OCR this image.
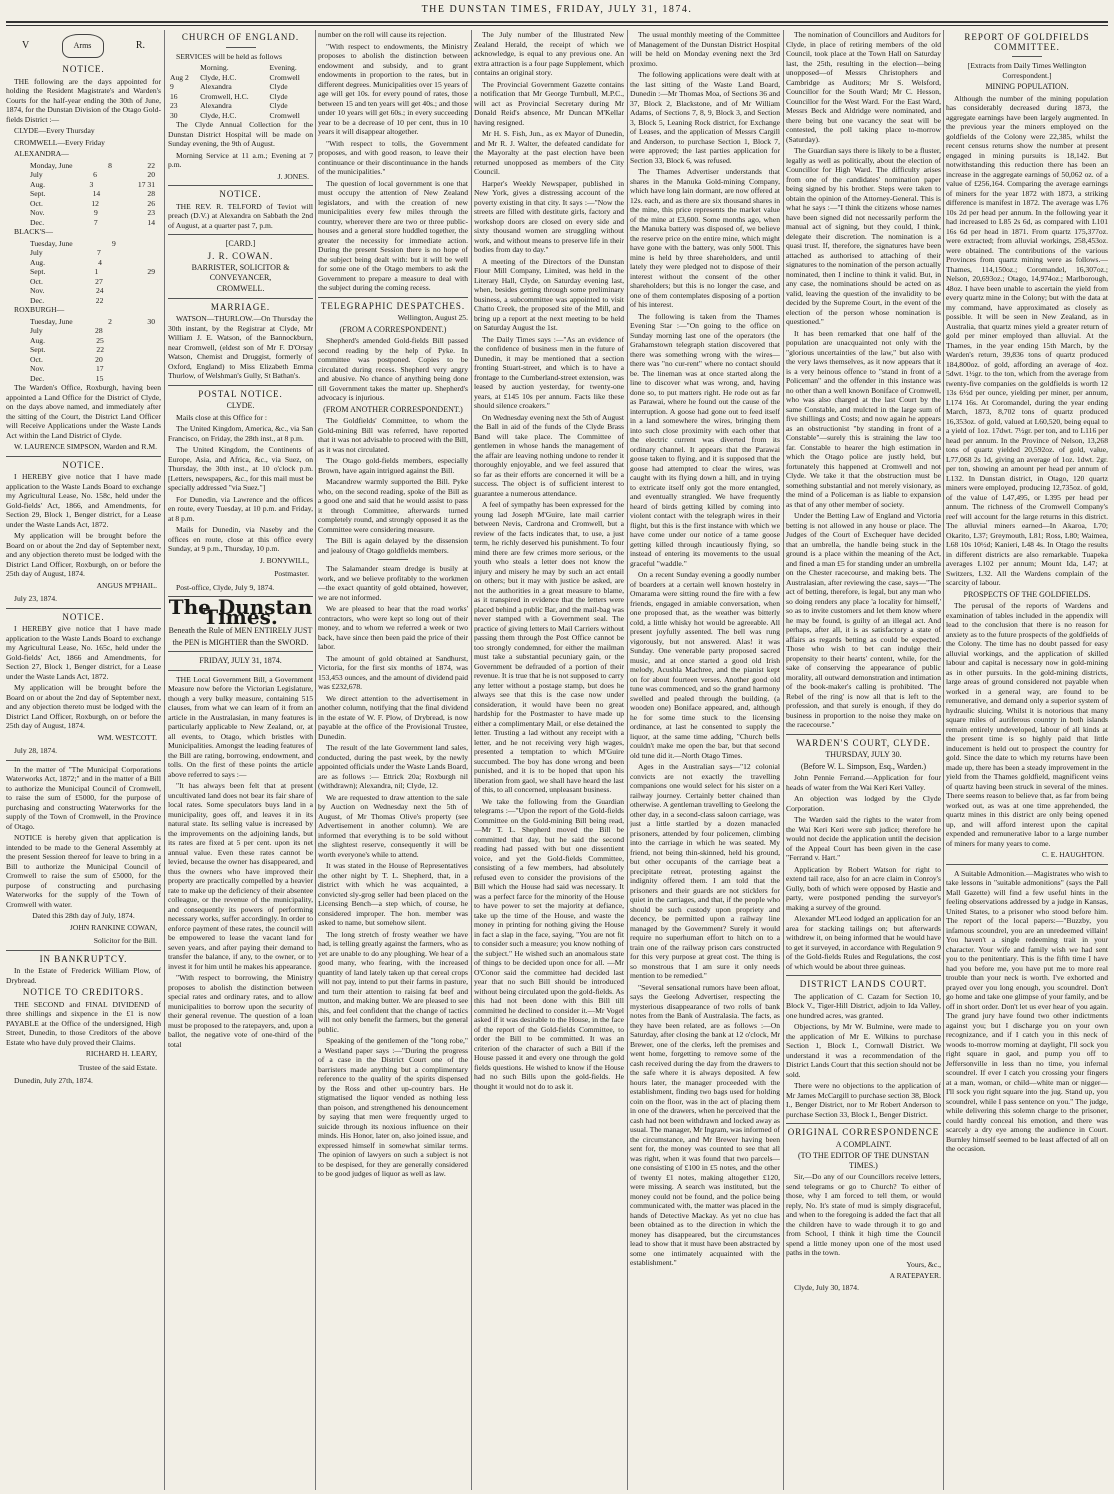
THE DUNSTAN TIMES, FRIDAY, JULY 31, 1874.
V	Arms	R.
NOTICE.

THE following are the days appointed for holding the Resident Magistrate's and Warden's Courts for the half-year ending the 30th of June, 1874, for the Dunstan Division of the Otago Gold-fields District :—

CLYDE—Every Thursday

CROMWELL—Every Friday

ALEXANDRA—

Monday, June	8	22
July	6	20
Aug.	3	17 31
Sept.	14	28
Oct.	12	26
Nov.	9	23
Dec.	7	14

BLACK'S—

Tuesday, June	9
July	7
Aug.	4
Sept.	1	29
Oct.	27
Nov.	24
Dec.	22

ROXBURGH—

Tuesday, June	2	30
July	28
Aug.	25
Sept.	22
Oct.	20
Nov.	17
Dec.	15

The Warden's Office, Roxburgh, having been appointed a Land Office for the District of Clyde, on the days above named, and immediately after the sitting of the Court, the District Land Officer will Receive Applications under the Waste Lands Act within the Land District of Clyde.

W. LAURENCE SIMPSON, Warden and R.M.
NOTICE.

I HEREBY give notice that I have made application to the Waste Lands Board to exchange my Agricultural Lease, No. 158c, held under the Gold-fields' Act, 1866, and Amendments, for Section 29, Block 1, Benger district, for a Lease under the Waste Lands Act, 1872.

My application will be brought before the Board on or about the 2nd day of September next, and any objection thereto must be lodged with the District Land Officer, Roxburgh, on or before the 25th day of August, 1874.

ANGUS M'PHAIL.

July 23, 1874.

NOTICE.

I HEREBY give notice that I have made application to the Waste Lands Board to exchange my Agricultural Lease, No. 165c, held under the Gold-fields' Act, 1866 and Amendments, for Section 27, Block 1, Benger district, for a Lease under the Waste Lands Act, 1872.

My application will be brought before the Board on or about the 2nd day of September next, and any objection thereto must be lodged with the District Land Officer, Roxburgh, on or before the 25th day of August, 1874.

WM. WESTCOTT.

July 28, 1874.

In the matter of "The Municipal Corporations Waterworks Act, 1872;" and in the matter of a Bill to authorize the Municipal Council of Cromwell, to raise the sum of £5000, for the purpose of purchasing and constructing Waterworks for the supply of the Town of Cromwell, in the Province of Otago.

NOTICE is hereby given that application is intended to be made to the General Assembly at the present Session thereof for leave to bring in a Bill to authorize the Municipal Council of Cromwell to raise the sum of £5000, for the purpose of constructing and purchasing Waterworks for the supply of the Town of Cromwell with water.

Dated this 28th day of July, 1874.

JOHN RANKINE COWAN,
Solicitor for the Bill.
IN BANKRUPTCY.

In the Estate of Frederick William Plow, of Drybread.

NOTICE TO CREDITORS.

THE SECOND and FINAL DIVIDEND of three shillings and sixpence in the £1 is now PAYABLE at the Office of the undersigned, High Street, Dunedin, to those Creditors of the above Estate who have duly proved their Claims.

RICHARD H. LEARY,
Trustee of the said Estate.

Dunedin, July 27th, 1874.

CHURCH OF ENGLAND.

SERVICES will be held as follows

	Morning.	Evening.
Aug 2	Clyde, H.C.	Cromwell
9	Alexandra	Clyde
16	Cromwell, H.C.	Clyde
23	Alexandra	Clyde
30	Clyde, H.C.	Cromwell

The Clyde Annual Collection for the Dunstan District Hospital will be made on Sunday evening, the 9th of August.

Morning Service at 11 a.m.; Evening at 7 p.m.

J. JONES.
NOTICE.

THE REV. R. TELFORD of Teviot will preach (D.V.) at Alexandra on Sabbath the 2nd of August, at a quarter past 7, p.m.

[CARD.]
J. R. COWAN.
BARRISTER, SOLICITOR & CONVEYANCER,
CROMWELL.
MARRIAGE.

WATSON—THURLOW.—On Thursday the 30th instant, by the Registrar at Clyde, Mr William J. E. Watson, of the Bannockburn, near Cromwell, (eldest son of Mr F. D'Orsay Watson, Chemist and Druggist, formerly of Oxford, England) to Miss Elizabeth Emma Thurlow, of Welshman's Gully, St Bathan's.

POSTAL NOTICE.
CLYDE.

Mails close at this Office for :

The United Kingdom, America, &c., via San Francisco, on Friday, the 28th inst., at 8 p.m.

The United Kingdom, the Continents of Europe, Asia, and Africa, &c., via Suez, on Thursday, the 30th inst., at 10 o'clock p.m. [Letters, newspapers, &c., for this mail must be specially addressed "via Suez."]

For Dunedin, via Lawrence and the offices en route, every Tuesday, at 10 p.m. and Friday, at 8 p.m.

Mails for Dunedin, via Naseby and the offices en route, close at this office every Sunday, at 9 p.m., Thursday, 10 p.m.

J. BONYWILL,
Postmaster.

Post-office, Clyde, July 9, 1874.

The Dunstan Times.
Beneath the Rule of MEN ENTIRELY JUST
the PEN is MIGHTIER than the SWORD.
FRIDAY, JULY 31, 1874.

THE Local Government Bill, a Government Measure now before the Victorian Legislature, though a very bulky measure, containing 515 clauses, from what we can learn of it from an article in the Australasian, in many features is particularly applicable to New Zealand, or, at all events, to Otago, which bristles with Municipalities. Amongst the leading features of the Bill are rating, borrowing, endowment, and tolls. On the first of these points the article above referred to says :—

"It has always been felt that at present uncultivated land does not bear its fair share of local rates. Some speculators buys land in a municipality, goes off, and leaves it in its natural state. Its selling value is increased by the improvements on the adjoining lands, but its rates are fixed at 5 per cent. upon its net annual value. Even these rates cannot be levied, because the owner has disappeared, and thus the owners who have improved their property are practically compelled by a heavier rate to make up the deficiency of their absentee colleague, or the revenue of the municipality, and consequently its powers of performing necessary works, suffer accordingly. In order to enforce payment of these rates, the council will be empowered to lease the vacant land for seven years, and after paying their demand to transfer the balance, if any, to the owner, or to invest it for him until he makes his appearance.

"With respect to borrowing, the Ministry proposes to abolish the distinction between special rates and ordinary rates, and to allow municipalities to borrow upon the security of their general revenue. The question of a loan must be proposed to the ratepayers, and, upon a ballot, the negative vote of one-third of the total

number on the roll will cause its rejection.

"With respect to endowments, the Ministry proposes to abolish the distinction between endowment and subsidy, and to grant endowments in proportion to the rates, but in different degrees. Municipalities over 15 years of age will get 10s. for every pound of rates, those between 15 and ten years will get 40s.; and those under 10 years will get 60s.; in every succeeding year to be a decrease of 10 per cent, thus in 10 years it will disappear altogether.

"With respect to tolls, the Government proposes, and with good reason, to leave their continuance or their discontinuance in the hands of the municipalities."

The question of local government is one that must occupy the attention of New Zealand legislators, and with the creation of new municipalities every few miles through the country, wherever there are two or three public-houses and a general store huddled together, the greater the necessity for immediate action. During the present Session there is no hope of the subject being dealt with: but it will be well for some one of the Otago members to ask the Government to prepare a measure to deal with the subject during the coming recess.

TELEGRAPHIC DESPATCHES.

Wellington, August 25.

(FROM A CORRESPONDENT.)

Shepherd's amended Gold-fields Bill passed second reading by the help of Pyke. In committee was postponed. Copies to be circulated during recess. Shepherd very angry and abusive. No chance of anything being done till Government takes the matter up. Shepherd's advocacy is injurious.

(FROM ANOTHER CORRESPONDENT.)

The Goldfields' Committee, to whom the Gold-mining Bill was referred, have reported that it was not advisable to proceed with the Bill, as it was not circulated.

The Otago gold-fields members, especially Brown, have again intrigued against the Bill.

Macandrew warmly supported the Bill. Pyke who, on the second reading, spoke of the Bill as a good one and said that he would assist to pass it through Committee, afterwards turned completely round, and strongly opposed it as the Committee were considering measure.

The Bill is again delayed by the dissension and jealousy of Otago goldfields members.

The Salamander steam dredge is busily at work, and we believe profitably to the workmen—the exact quantity of gold obtained, however, we are not informed.

We are pleased to hear that the road works' contractors, who were kept so long out of their money, and to whom we referred a week or two back, have since then been paid the price of their labor.

The amount of gold obtained at Sandhurst, Victoria, for the first six months of 1874, was 153,453 ounces, and the amount of dividend paid was £232,678.

We direct attention to the advertisement in another column, notifying that the final dividend in the estate of W. F. Plow, of Drybread, is now payable at the office of the Provisional Trustee, Dunedin.

The result of the late Government land sales, conducted, during the past week, by the newly appointed officials under the Waste Lands Board, are as follows :— Ettrick 20a; Roxburgh nil (withdrawn); Alexandra, nil; Clyde, 12.

We are requested to draw attention to the sale by Auction on Wednesday next the 5th of August, of Mr Thomas Olive's property (see Advertisement in another column). We are informed that everything is to be sold without the slightest reserve, consequently it will be worth everyone's while to attend.

It was stated in the House of Representatives the other night by T. L. Shepherd, that, in a district with which he was acquainted, a convicted sly-grog seller had been placed on the Licensing Bench—a step which, of course, he considered improper. The hon. member was asked to name, but somehow silent.

The long stretch of frosty weather we have had, is telling greatly against the farmers, who as yet are unable to do any ploughing. We hear of a good many, who fearing, with the increased quantity of land lately taken up that cereal crops will not pay, intend to put their farms in pasture, and turn their attention to raising fat beef and mutton, and making butter. We are pleased to see this, and feel confident that the change of tactics will not only benefit the farmers, but the general public.

Speaking of the gentlemen of the "long robe," a Westland paper says :—"During the progress of a case in the District Court one of the barristers made anything but a complimentary reference to the quality of the spirits dispensed by the Ross and other up-country bars. He stigmatised the liquor vended as nothing less than poison, and strengthened his denouncement by saying that men were frequently urged to suicide through its noxious influence on their minds. His Honor, later on, also joined issue, and expressed himself in somewhat similar terms. The opinion of lawyers on such a subject is not to be despised, for they are generally considered to be good judges of liquor as well as law.

The July number of the Illustrated New Zealand Herald, the receipt of which we acknowledge, is equal to any previous one. An extra attraction is a four page Supplement, which contains an original story.

The Provincial Government Gazette contains a notification that Mr George Turnbull, M.P.C., will act as Provincial Secretary during Mr Donald Reid's absence, Mr Duncan M'Kellar having resigned.

Mr H. S. Fish, Jun., as ex Mayor of Dunedin, and Mr R. J. Walter, the defeated candidate for the Mayoralty at the past election have been returned unopposed as members of the City Council.

Harper's Weekly Newspaper, published in New York, gives a distressing account of the poverty existing in that city. It says :—"Now the streets are filled with destitute girls, factory and workshop doors are closed on every side and sixty thousand women are struggling without work, and without means to preserve life in their bodies from day to day."

A meeting of the Directors of the Dunstan Flour Mill Company, Limited, was held in the Literary Hall, Clyde, on Saturday evening last, when, besides getting through some preliminary business, a subcommittee was appointed to visit Chatto Creek, the proposed site of the Mill, and bring up a report at the next meeting to be held on Saturday August the 1st.

The Daily Times says :—"As an evidence of the confidence of business men in the future of Dunedin, it may be mentioned that a section fronting Stuart-street, and which is to have a frontage to the Cumberland-street extension, was leased by auction yesterday, for twenty-one years, at £145 10s per annum. Facts like these should silence croakers."

On Wednesday evening next the 5th of August the Ball in aid of the funds of the Clyde Brass Band will take place. The Committee of gentlemen in whose hands the management of the affair are leaving nothing undone to render it thoroughly enjoyable, and we feel assured that so far as their efforts are concerned it will be a success. The object is of sufficient interest to guarantee a numerous attendance.

A feel of sympathy has been expressed for the young lad Joseph M'Guire, late mail carrier between Nevis, Cardrona and Cromwell, but a review of the facts indicates that, to use, a just term, he richly deserved his punishment. To four mind there are few crimes more serious, or the youth who steals a letter does not know the injury and misery he may by such an act entail on others; but it may with justice be asked, are not the authorities in a great measure to blame, as it transpired in evidence that the letters were placed behind a public Bar, and the mail-bag was never stamped with a Government seal. The practice of giving letters to Mail Carriers without passing them through the Post Office cannot be too strongly condemned, for either the mailman must take a substantial pecuniary gain, or the Government be defrauded of a portion of their revenue. It is true that he is not supposed to carry any letter without a postage stamp, but does he always see that this is the case now under consideration, it would have been no great hardship for the Postmaster to have made up either a complimentary Mail, or else detained the letter. Trusting a lad without any receipt with a letter, and he not receiving very high wages, presented a temptation to which M'Guire succumbed. The boy has done wrong and been punished, and it is to be hoped that upon his liberation from gaol, we shall have heard the last of this, to all concerned, unpleasant business.

We take the following from the Guardian telegrams :—"Upon the report of the Gold-fields Committee on the Gold-mining Bill being read,—Mr T. L. Shepherd moved the Bill be committed that day, but he said the second reading had passed with but one dissentient voice, and yet the Gold-fields Committee, consisting of a few members, had absolutely refused even to consider the provisions of the Bill which the House had said was necessary. It was a perfect farce for the minority of the House to have power to set the majority at defiance, take up the time of the House, and waste the money in printing for nothing giving the House in fact a slap in the face, saying, "You are not fit to consider such a measure; you know nothing of the subject." He wished such an anomalous state of things to be decided upon once for all. —Mr O'Conor said the committee had decided last year that no such Bill should be introduced without being circulated upon the gold-fields. As this had not been done with this Bill till committed he declined to consider it.—Mr Vogel asked if it was desirable to the House, in the face of the report of the Gold-fields Committee, to order the Bill to be committed. It was an criterion of the character of such a Bill if the House passed it and every one through the gold fields questions. He wished to know if the House had no such Bills upon the gold-fields. He thought it would not do to ask it.

The usual monthly meeting of the Committee of Management of the Dunstan District Hospital will be held on Monday evening next the 3rd proximo.

The following applications were dealt with at the last sitting of the Waste Land Board, Dunedin :—Mr Thomas Moa, of Sections 36 and 37, Block 2, Blackstone, and of Mr William Adams, of Sections 7, 8, 9, Block 3, and Section 3, Block 5, Leaning Rock district, for Exchange of Leases, and the application of Messrs Cargill and Anderson, to purchase Section 1, Block 7, were approved; the last parties application for Section 33, Block 6, was refused.

The Thames Advertiser understands that shares in the Manuka Gold-mining Company, which have long lain dormant, are now offered at 12s. each, and as there are six thousand shares in the mine, this price represents the market value of the mine at £3,600. Some months ago, when the Manuka battery was disposed of, we believe the reserve price on the entire mine, which might have gone with the battery, was only 500l. This mine is held by three shareholders, and until lately they were pledged not to dispose of their interest without the consent of the other shareholders; but this is no longer the case, and one of them contemplates disposing of a portion of his interest.

The following is taken from the Thames Evening Star :—"On going to the office on Sunday morning last one of the operators (the Grahamstown telegraph station discovered that there was something wrong with the wires—there was "no cur-rent" where no contact should be. The lineman was at once started along the line to discover what was wrong, and, having done so, to put matters right. He rode out as far as Parawai, where he found out the cause of the interruption. A goose had gone out to feed itself in a land somewhere the wires, bringing them into such close proximity with each other that the electric current was diverted from its ordinary channel. It appears that the Parawai goose taken to flying, and it is supposed that the goose had attempted to clear the wires, was caught with its flying down a hill, and in trying to extricate itself only got the more entangled, and eventually strangled. We have frequently heard of birds getting killed by coming into violent contact with the telegraph wires in their flight, but this is the first instance with which we have come under our notice of a tame goose getting killed through incautiously flying, so instead of entering its movements to the usual graceful "waddle."

On a recent Sunday evening a goodly number of boarders at a certain well known hostelry in Omarama were sitting round the fire with a few friends, engaged in amiable conversation, when one proposed that, as the weather was bitterly cold, a little whisky hot would be agreeable. All present joyfully assented. The bell was rung vigorously, but not answered. Alas! it was Sunday. One venerable party proposed sacred music, and at once started a good old Irish melody, Acushla Machree, and the pianist kept on for about fourteen verses. Another good old tune was commenced, and so the grand harmony swelled and pealed through the building, (a wooden one) Boniface appeared, and, although he for some time stuck to the licensing ordinance, at last he consented to supply the liquor, at the same time adding, "Church bells couldn't make me open the bar, but that second old tune did it.—North Otago Times.

Ages in the Australian says—"12 colonial convicts are not exactly the travelling companions one would select for his sister on a railway journey. Certainly better chained than otherwise. A gentleman travelling to Geelong the other day, in a second-class saloon carriage, was just a little startled by a dozen manacled prisoners, attended by four policemen, climbing into the carriage in which he was seated. My friend, not being thin-skinned, held his ground, but other occupants of the carriage beat a precipitate retreat, protesting against the indignity offered them. I am told that the prisoners and their guards are not sticklers for quiet in the carriages, and that, if the people who should be such custody upon propriety and decency, be permitted upon a railway line managed by the Government? Surely it would require no superhuman effort to hitch on to a train one of the railway prison cars constructed for this very purpose at great cost. The thing is so monstrous that I am sure it only needs mention to be remedied."

"Several sensational rumors have been afloat, says the Geelong Advertiser, respecting the mysterious disappearance of two rolls of bank notes from the Bank of Australasia. The facts, as they have been related, are as follows :—On Saturday, after closing the bank at 12 o'clock, Mr Brewer, one of the clerks, left the premises and went home, forgetting to remove some of the cash received during the day from the drawers to the safe where it is always deposited. A few hours later, the manager proceeded with the establishment, finding two bags used for holding coin on the floor, was in the act of placing them in one of the drawers, when he perceived that the cash had not been withdrawn and locked away as usual. The manager, Mr Ingram, was informed of the circumstance, and Mr Brewer having been sent for, the money was counted to see that all was right, when it was found that two parcels—one consisting of £100 in £5 notes, and the other of twenty £1 notes, making altogether £120, were missing. A search was instituted, but the money could not be found, and the police being communicated with, the matter was placed in the hands of Detective Mackay. As yet no clue has been obtained as to the direction in which the money has disappeared, but the circumstances lead to show that it must have been abstracted by some one intimately acquainted with the establishment."

The nomination of Councillors and Auditors for Clyde, in place of retiring members of the old Council, took place at the Town Hall on Saturday last, the 25th, resulting in the election—being unopposed—of Messrs Christophers and Cambridge as Auditors; Mr S. Welsford, Councillor for the South Ward; Mr C. Hesson, Councillor for the West Ward. For the East Ward, Messrs Beck and Aldridge were nominated, and there being but one vacancy the seat will be contested, the poll taking place to-morrow (Saturday).

The Guardian says there is likely to be a fluster, legally as well as politically, about the election of Councillor for High Ward. The difficulty arises from one of the candidates' nomination paper being signed by his brother. Steps were taken to obtain the opinion of the Attorney-General. This is what he says :—"I think the citizens whose names have been signed did not necessarily perform the manual act of signing, but they could, I think, delegate their discretion. The nomination is a quasi trust. If, therefore, the signatures have been attached as authorised to attaching of their signatures to the nomination of the person actually nominated, then I incline to think it valid. But, in any case, the nominations should be acted on as valid, leaving the question of the invalidity to be decided by the Supreme Court, in the event of the election of the person whose nomination is questioned."

It has been remarked that one half of the population are unacquainted not only with the "glorious uncertainties of the law," but also with the very laws themselves, as it now appears that it is a very heinous offence to "stand in front of a Policeman" and the offender in this instance was no other than a well known Boniface of Cromwell, who was also charged at the last Court by the same Constable, and mulcted in the large sum of five shillings and Costs; and now again he appears as an obstructionist "by standing in front of a Constable"—surely this is straining the law too far. Constable to hearer the high estimation in which the Otago police are justly held, but fortunately this happened at Cromwell and not Clyde. We take it that the obstruction must be something substantial and not merely visionary, as the mind of a Policeman is as liable to expansion as that of any other member of society.

Under the Betting Law of England and Victoria betting is not allowed in any house or place. The Judges of the Court of Exchequer have decided that an umbrella, the handle being stuck in the ground is a place within the meaning of the Act, and fined a man £5 for standing under an umbrella on the Chester racecourse, and making bets. The Australasian, after reviewing the case, says—"The act of betting, therefore, is legal, but any man who so doing renders any place 'a locality for himself,' so as to invite customers and let them know where he may be found, is guilty of an illegal act. And perhaps, after all, it is as satisfactory a state of affairs as regards betting as could be expected. Those who wish to bet can indulge their propensity to their hearts' content, while, for the sake of conserving the appearance of public morality, all outward demonstration and intimation of the book-maker's calling is prohibited. 'The Rebel of the ring' is now all that is left to the profession, and that surely is enough, if they do business in proportion to the noise they make on the racecourse."

WARDEN'S COURT, CLYDE.
THURSDAY, JULY 30.
(Before W. L. Simpson, Esq., Warden.)

John Pennie Ferrand.—Application for four heads of water from the Wai Keri Keri Valley.

An objection was lodged by the Clyde Corporation.

The Warden said the rights to the water from the Wai Keri Keri were sub judice; therefore he would not decide the application until the decision of the Appeal Court has been given in the case "Ferrand v. Hart."

Application by Robert Watson for right to extend tail race, also for an acre claim in Conroy's Gully, both of which were opposed by Hastie and party, were postponed pending the surveyor's making a survey of the ground.

Alexander M'Leod lodged an application for an area for stacking tailings on; but afterwards withdrew it, on being informed that he would have to get it surveyed, in accordance with Regulation 9 of the Gold-fields Rules and Regulations, the cost of which would be about three guineas.

DISTRICT LANDS COURT.

The application of C. Cazam for Section 10, Block V., Tiger-Hill District, adjoin to Ida Valley, one hundred acres, was granted.

Objections, by Mr W. Bulmine, were made to the application of Mr E. Wilkins to purchase Section 1, Block I., Cornwall District. We understand it was a recommendation of the District Lands Court that this section should not be sold.

There were no objections to the application of Mr James McCargill to purchase section 38, Block I., Benger District, nor to Mr Robert Anderson to purchase Section 33, Block I., Benger District.

ORIGINAL CORRESPONDENCE
A COMPLAINT.
(TO THE EDITOR OF THE DUNSTAN TIMES.)

Sir,—Do any of our Councillors receive letters, send telegrams or go to Church? To either of those, why I am forced to tell them, or would reply, No. It's state of mud is simply disgraceful, and when to the foregoing is added the fact that all the children have to wade through it to go and from School, I think it high time the Council spend a little money upon one of the most used paths in the town.

Yours, &c.,

A RATEPAYER.

Clyde, July 30, 1874.

REPORT OF GOLDFIELDS COMMITTEE.

[Extracts from Daily Times Wellington Correspondent.]

MINING POPULATION.

Although the number of the mining population has considerably decreased during 1873, the aggregate earnings have been largely augmented. In the previous year the miners employed on the goldfields of the Colony were 22,385, whilst the recent census returns show the number at present engaged in mining pursuits is 18,142. But notwithstanding this reduction there has been an increase in the aggregate earnings of 50,062 oz. of a value of £256,164. Comparing the average earnings of miners for the year 1872 with 1873, a striking difference is manifest in 1872. The average was L76 10s 2d per head per annum. In the following year it had increased to L85 2s 6d, as compared with L101 16s 6d per head in 1871. From quartz 175,377oz. were extracted; from alluvial workings, 258,453oz. were obtained. The contributions of the various Provinces from quartz mining were as follows.—Thames, 114,150oz.; Coromandel, 16,307oz.; Nelson, 20,693oz.; Otago, 14,974oz.; Marlborough, 48oz. I have been unable to ascertain the yield from every quartz mine in the Colony; but with the data at my command, have approximated as closely as possible. It will be seen in New Zealand, as in Australia, that quartz mines yield a greater return of gold per miner employed than alluvial. At the Thames, in the year ending 15th March, by the Warden's return, 39,836 tons of quartz produced 184,800oz. of gold, affording an average of 4oz. 5dwt. 1½gr. to the ton, which from the average from twenty-five companies on the goldfields is worth 12 13s 6½d per ounce, yielding per miner, per annum, L174 16s. At Coromandel, during the year ending March, 1873, 8,702 tons of quartz produced 16,353oz. of gold, valued at L60,520, being equal to a yield of 1oz. 17dwt. 7½gr. per ton, and to L116 per head per annum. In the Province of Nelson, 13,268 tons of quartz yielded 20,592oz. of gold, value, L77,068 2s 1d, giving an average of 1oz. 1dwt. 2gr. per ton, showing an amount per head per annum of L132. In Dunstan district, in Otago, 120 quartz miners were employed, producing 12,735oz. of gold, of the value of L47,495, or L395 per head per annum. The richness of the Cromwell Company's reef will account for the large returns in this district. The alluvial miners earned—In Akaroa, L70; Okarito, L37; Greymouth, L81; Ross, L80; Waimea, L68 10s 10½d; Kanieri, L48 4s. In Otago the results in different districts are also remarkable. Tuapeka averages L102 per annum; Mount Ida, L47; at Switzers, L32. All the Wardens complain of the scarcity of labour.

PROSPECTS OF THE GOLDFIELDS.

The perusal of the reports of Wardens and examination of tables included in the appendix will lead to the conclusion that there is no reason for anxiety as to the future prospects of the goldfields of the Colony. The time has no doubt passed for easy alluvial workings, and the application of skilled labour and capital is necessary now in gold-mining as in other pursuits. In the gold-mining districts, large areas of ground considered not payable when worked in a general way, are found to be remunerative, and demand only a superior system of hydraulic sluicing. Whilst it is notorious that many square miles of auriferous country in both islands remain entirely undeveloped, labour of all kinds at the present time is so highly paid that little inducement is held out to prospect the country for gold. Since the date to which my returns have been made up, there has been a steady improvement in the yield from the Thames goldfield, magnificent veins of quartz having been struck in several of the mines. There seems reason to believe that, as far from being worked out, as was at one time apprehended, the quartz mines in this district are only being opened up, and will afford interest upon the capital expended and remunerative labor to a large number of miners for many years to come.

C. E. HAUGHTON.

A Suitable Admonition.—Magistrates who wish to take lessons in "suitable admonitions" (says the Pall Mall Gazette) will find a few useful hints in the feeling observations addressed by a judge in Kansas, United States, to a prisoner who stood before him. The report of the local papers:—"Buzzby, you infamous scoundrel, you are an unredeemed villain! You haven't a single redeeming trait in your character. Your wife and family wish we had sent you to the penitentiary. This is the fifth time I have had you before me, you have put me to more real trouble than your neck is worth. I've exhorted and prayed over you long enough, you scoundrel. Don't go home and take one glimpse of your family, and be off in short order. Don't let us ever hear of you again. The grand jury have found two other indictments against you; but I discharge you on your own recognizance, and if I catch you in this neck of woods to-morrow morning at daylight, I'll sock you right square in gaol, and pump you off to Jeffersonville in less than no time, you infernal scoundrel. If ever I catch you crossing your fingers at a man, woman, or child—white man or nigger—I'll sock you right square into the jug. Stand up, you scoundrel, while I pass sentence on you." The judge, while delivering this solemn charge to the prisoner, could hardly conceal his emotion, and there was scarcely a dry eye among the audience in Court. Burnley himself seemed to be least affected of all on the occasion.
